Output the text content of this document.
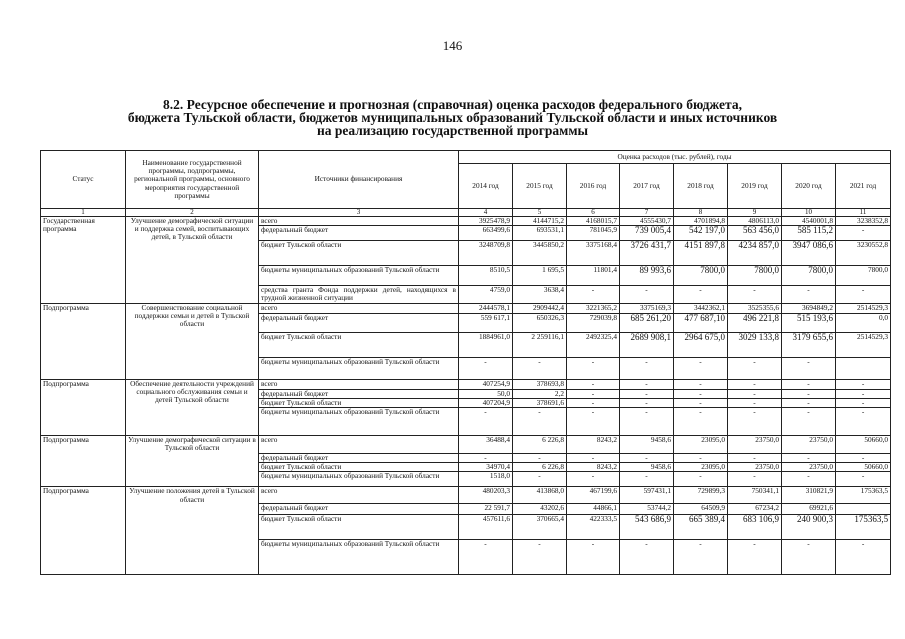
146
8.2. Ресурсное обеспечение и прогнозная (справочная) оценка расходов федерального бюджета,
бюджета Тульской области, бюджетов муниципальных образований Тульской области и иных источников
на реализацию государственной программы
Статус	Наименование государственной программы, подпрограммы, региональной программы, основного мероприятия государственной программы	Источники финансирования	Оценка расходов (тыс. рублей), годы							
			2014 год	2015 год	2016 год	2017 год	2018 год	2019 год	2020 год	2021 год
1	2	3	4	5	6	7	8	9	10	11
Государственная программа	Улучшение демографической ситуации и поддержка семей, воспитывающих детей, в Тульской области	всего	3925478,9	4144715,2	4168015,7	4555430,7	4701894,8	4806113,0	4540001,8	3238352,8
		федеральный бюджет	663499,6	693531,1	781045,9	739 005,4	542 197,0	563 456,0	585 115,2	-
		бюджет Тульской области	3248709,8	3445850,2	3375168,4	3726 431,7	4151 897,8	4234 857,0	3947 086,6	3230552,8
		бюджеты муниципальных образований Тульской области	8510,5	1 695,5	11801,4	89 993,6	7800,0	7800,0	7800,0	7800,0
		средства гранта Фонда поддержки детей, находящихся в трудной жизненной ситуации	4759,0	3638,4	-	-	-	-	-	-
Подпрограмма	Совершенствование социальной поддержки семьи и детей в Тульской области	всего	2444578,1	2909442,4	3221365,2	3375169,3	3442362,1	3525355,6	3694849,2	2514529,3
		федеральный бюджет	559 617,1	650326,3	729039,8	685 261,20	477 687,10	496 221,8	515 193,6	0,0
		бюджет Тульской области	1884961,0	2 259116,1	2492325,4	2689 908,1	2964 675,0	3029 133,8	3179 655,6	2514529,3
		бюджеты муниципальных образований Тульской области	-	-	-	-	-	-	-	
Подпрограмма	Обеспечение деятельности учреждений социального обслуживания семьи и детей Тульской области	всего	407254,9	378693,8	-	-	-	-	-	-
		федеральный бюджет	50,0	2,2	-	-	-	-	-	-
		бюджет Тульской области	407204,9	378691,6	-	-	-	-	-	-
		бюджеты муниципальных образований Тульской области	-	-	-	-	-	-	-	-
Подпрограмма	Улучшение демографической ситуации в Тульской области	всего	36488,4	6 226,8	8243,2	9458,6	23095,0	23750,0	23750,0	50660,0
		федеральный бюджет	-	-	-	-	-	-	-	-
		бюджет Тульской области	34970,4	6 226,8	8243,2	9458,6	23095,0	23750,0	23750,0	50660,0
		бюджеты муниципальных образований Тульской области	1518,0	-	-	-	-	-	-	-
Подпрограмма	Улучшение положения детей в Тульской области	всего	480203,3	413868,0	467199,6	597431,1	729899,3	750341,1	310821,9	175363,5
		федеральный бюджет	22 591,7	43202,6	44866,1	53744,2	64509,9	67234,2	69921,6	
		бюджет Тульской области	457611,6	370665,4	422333,5	543 686,9	665 389,4	683 106,9	240 900,3	175363,5
		бюджеты муниципальных образований Тульской области	-	-	-	-	-	-	-	-
